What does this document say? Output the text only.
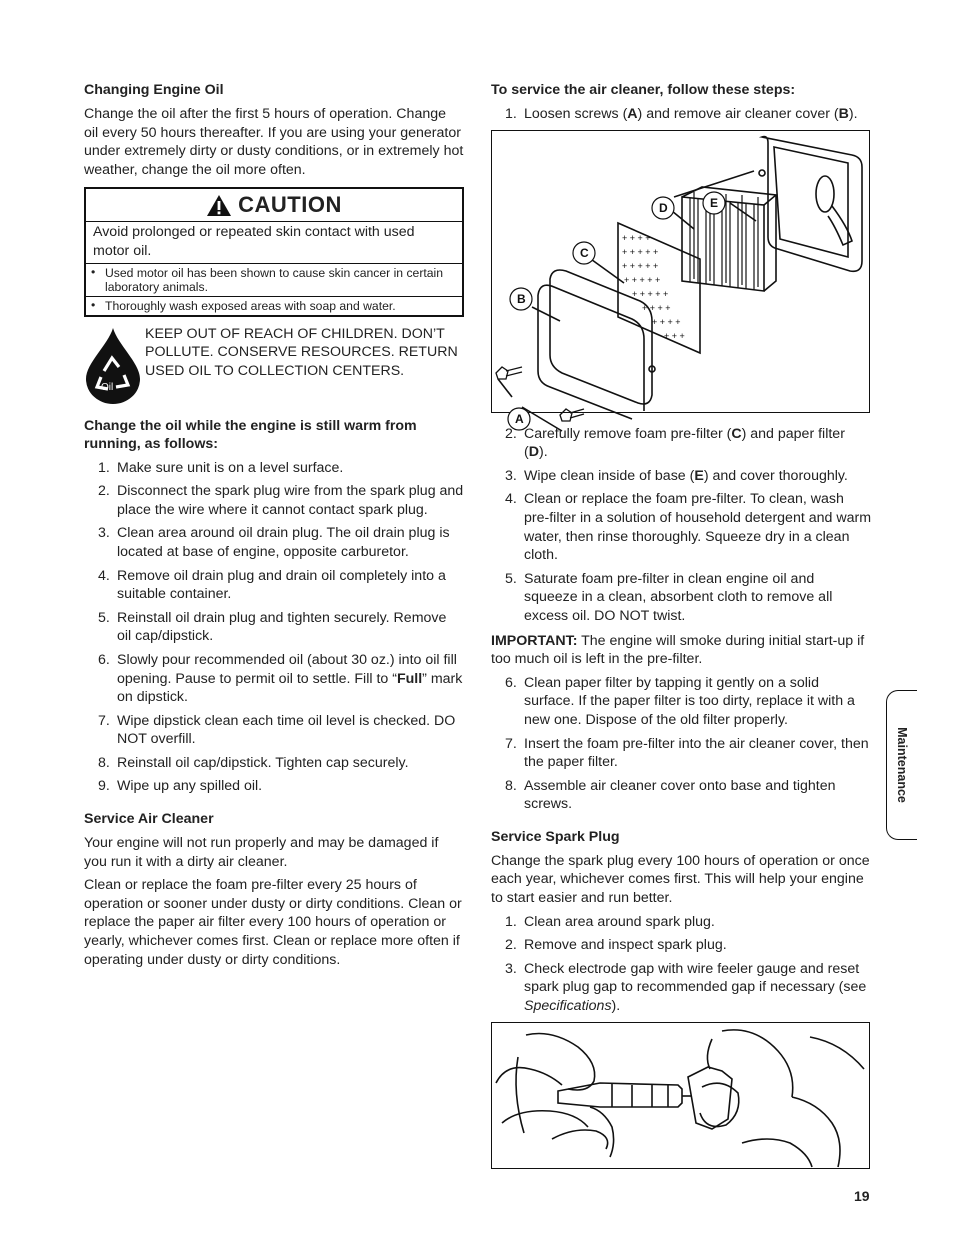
Changing Engine Oil

Change the oil after the first 5 hours of operation. Change oil every 50 hours thereafter. If you are using your generator under extremely dirty or dusty conditions, or in extremely hot weather, change the oil more often.

CAUTION
Avoid prolonged or repeated skin contact with used motor oil.
• Used motor oil has been shown to cause skin cancer in certain laboratory animals.
• Thoroughly wash exposed areas with soap and water.
Oil
KEEP OUT OF REACH OF CHILDREN. DON’T POLLUTE. CONSERVE RESOURCES. RETURN USED OIL TO COLLECTION CENTERS.
Change the oil while the engine is still warm from running, as follows:
1. Make sure unit is on a level surface.
2. Disconnect the spark plug wire from the spark plug and place the wire where it cannot contact spark plug.
3. Clean area around oil drain plug. The oil drain plug is located at base of engine, opposite carburetor.
4. Remove oil drain plug and drain oil completely into a suitable container.
5. Reinstall oil drain plug and tighten securely. Remove oil cap/dipstick.
6. Slowly pour recommended oil (about 30 oz.) into oil fill opening. Pause to permit oil to settle. Fill to “Full” mark on dipstick.
7. Wipe dipstick clean each time oil level is checked. DO NOT overfill.
8. Reinstall oil cap/dipstick. Tighten cap securely.
9. Wipe up any spilled oil.
Service Air Cleaner

Your engine will not run properly and may be damaged if you run it with a dirty air cleaner.

Clean or replace the foam pre-filter every 25 hours of operation or sooner under dusty or dirty conditions. Clean or replace the paper air filter every 100 hours of operation or yearly, whichever comes first. Clean or replace more often if operating under dusty or dirty conditions.

To service the air cleaner, follow these steps:
1. Loosen screws (A) and remove air cleaner cover (B).
+ + + +
+ + + + +
+ + + + +
+ + + + +
+ + + + +
+ + + +
+ + + +
+ + +
A
B
C
D	E
2. Carefully remove foam pre-filter (C) and paper filter (D).
3. Wipe clean inside of base (E) and cover thoroughly.
4. Clean or replace the foam pre-filter. To clean, wash pre-filter in a solution of household detergent and warm water, then rinse thoroughly. Squeeze dry in a clean cloth.
5. Saturate foam pre-filter in clean engine oil and squeeze in a clean, absorbent cloth to remove all excess oil. DO NOT twist.

IMPORTANT: The engine will smoke during initial start-up if too much oil is left in the pre-filter.

6. Clean paper filter by tapping it gently on a solid surface. If the paper filter is too dirty, replace it with a new one. Dispose of the old filter properly.
7. Insert the foam pre-filter into the air cleaner cover, then the paper filter.
8. Assemble air cleaner cover onto base and tighten screws.
Service Spark Plug

Change the spark plug every 100 hours of operation or once each year, whichever comes first. This will help your engine to start easier and run better.

1. Clean area around spark plug.
2. Remove and inspect spark plug.
3. Check electrode gap with wire feeler gauge and reset spark plug gap to recommended gap if necessary (see Specifications).
Maintenance
19
